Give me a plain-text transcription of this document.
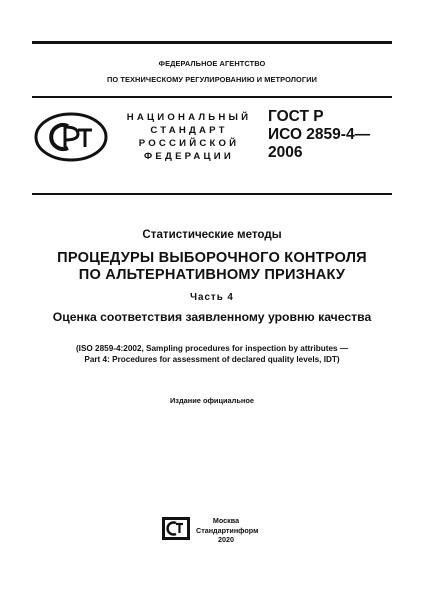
ФЕДЕРАЛЬНОЕ АГЕНТСТВО
ПО ТЕХНИЧЕСКОМУ РЕГУЛИРОВАНИЮ И МЕТРОЛОГИИ
НАЦИОНАЛЬНЫЙ
СТАНДАРТ
РОССИЙСКОЙ
ФЕДЕРАЦИИ
ГОСТ Р
ИСО 2859-4—
2006
Статистические методы
ПРОЦЕДУРЫ ВЫБОРОЧНОГО КОНТРОЛЯ
ПО АЛЬТЕРНАТИВНОМУ ПРИЗНАКУ
Часть 4
Оценка соответствия заявленному уровню качества
(ISO 2859-4:2002, Sampling procedures for inspection by attributes —
Part 4: Procedures for assessment of declared quality levels, IDT)
Издание официальное
Москва
Стандартинформ
2020
